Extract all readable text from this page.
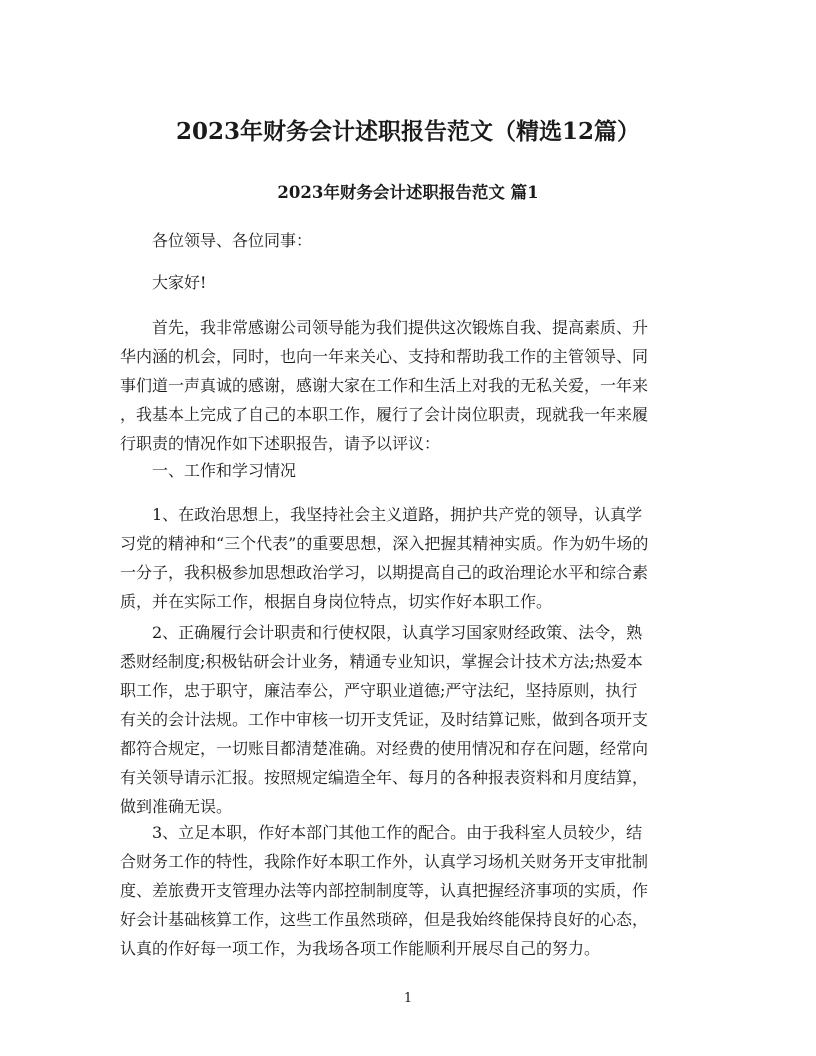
2023年财务会计述职报告范文（精选12篇）
2023年财务会计述职报告范文 篇1

各位领导、各位同事：

大家好!

首先，我非常感谢公司领导能为我们提供这次锻炼自我、提高素质、升
华内涵的机会，同时，也向一年来关心、支持和帮助我工作的主管领导、同
事们道一声真诚的感谢，感谢大家在工作和生活上对我的无私关爱，一年来
，我基本上完成了自己的本职工作，履行了会计岗位职责，现就我一年来履
行职责的情况作如下述职报告，请予以评议：

一、工作和学习情况

1、在政治思想上，我坚持社会主义道路，拥护共产党的领导，认真学
习党的精神和“三个代表”的重要思想，深入把握其精神实质。作为奶牛场的
一分子，我积极参加思想政治学习，以期提高自己的政治理论水平和综合素
质，并在实际工作，根据自身岗位特点，切实作好本职工作。

2、正确履行会计职责和行使权限，认真学习国家财经政策、法令，熟
悉财经制度;积极钻研会计业务，精通专业知识，掌握会计技术方法;热爱本
职工作，忠于职守，廉洁奉公，严守职业道德;严守法纪，坚持原则，执行
有关的会计法规。工作中审核一切开支凭证，及时结算记账，做到各项开支
都符合规定，一切账目都清楚准确。对经费的使用情况和存在问题，经常向
有关领导请示汇报。按照规定编造全年、每月的各种报表资料和月度结算，
做到准确无误。

3、立足本职，作好本部门其他工作的配合。由于我科室人员较少，结
合财务工作的特性，我除作好本职工作外，认真学习场机关财务开支审批制
度、差旅费开支管理办法等内部控制制度等，认真把握经济事项的实质，作
好会计基础核算工作，这些工作虽然琐碎，但是我始终能保持良好的心态，
认真的作好每一项工作，为我场各项工作能顺利开展尽自己的努力。

1
